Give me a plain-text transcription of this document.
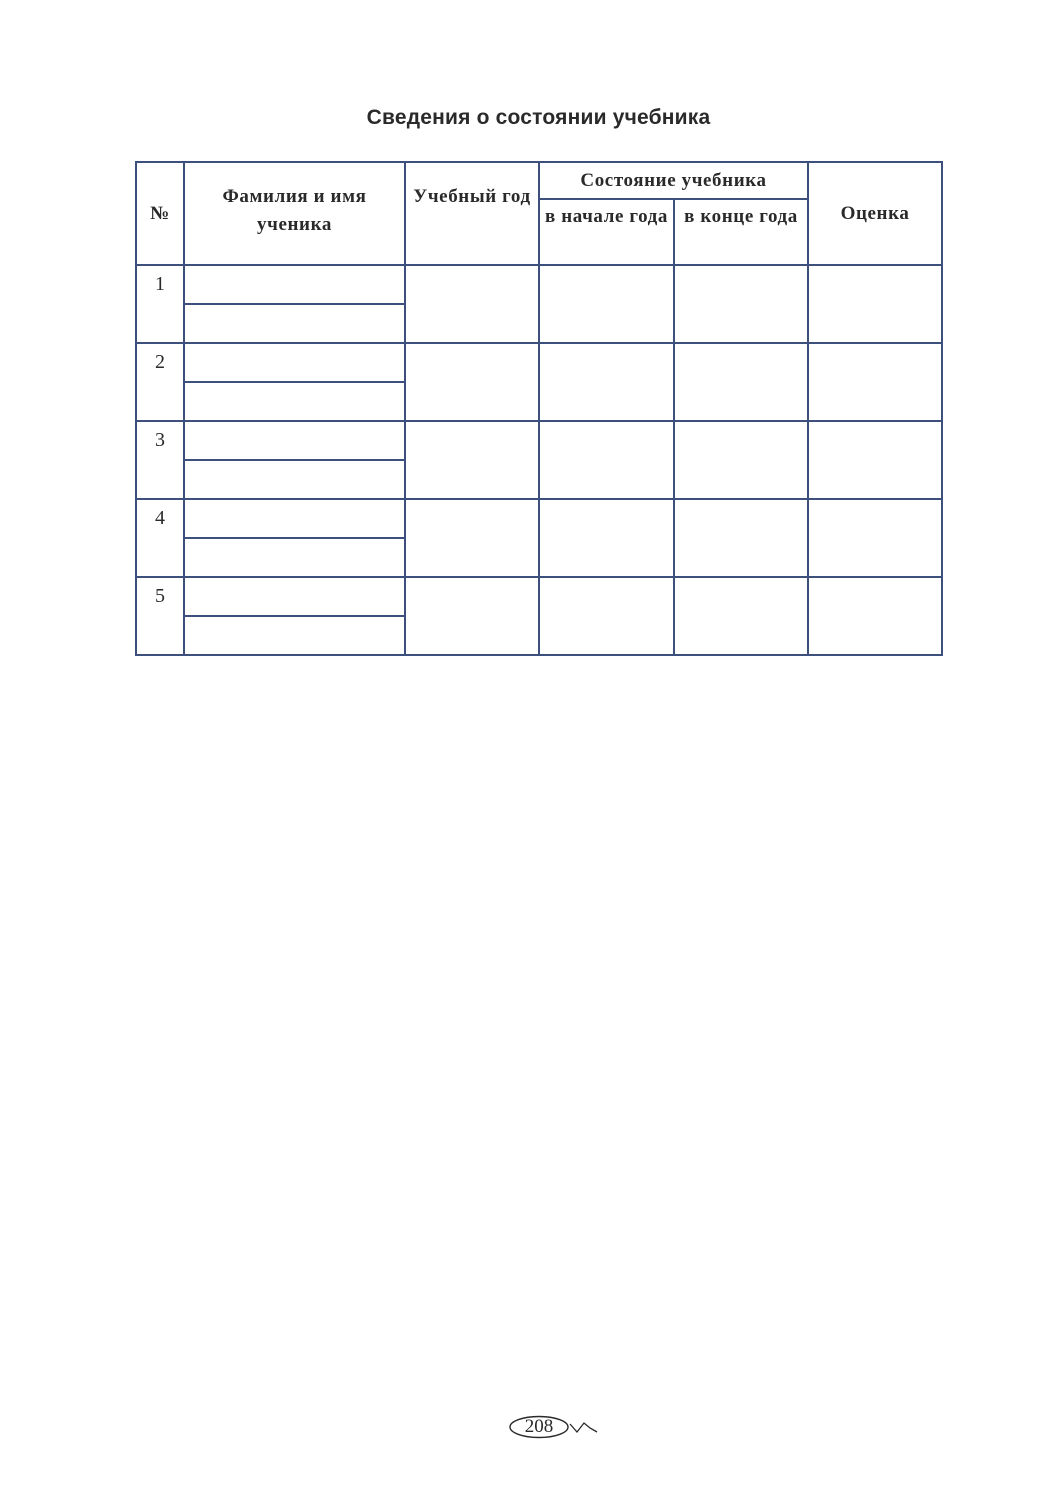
Сведения о состоянии учебника
№	Фамилия и имя ученика	Учебный год	Состояние учебника		Оценка
			в начале года	в конце года	
1					

2					

3					

4					

5					

208
